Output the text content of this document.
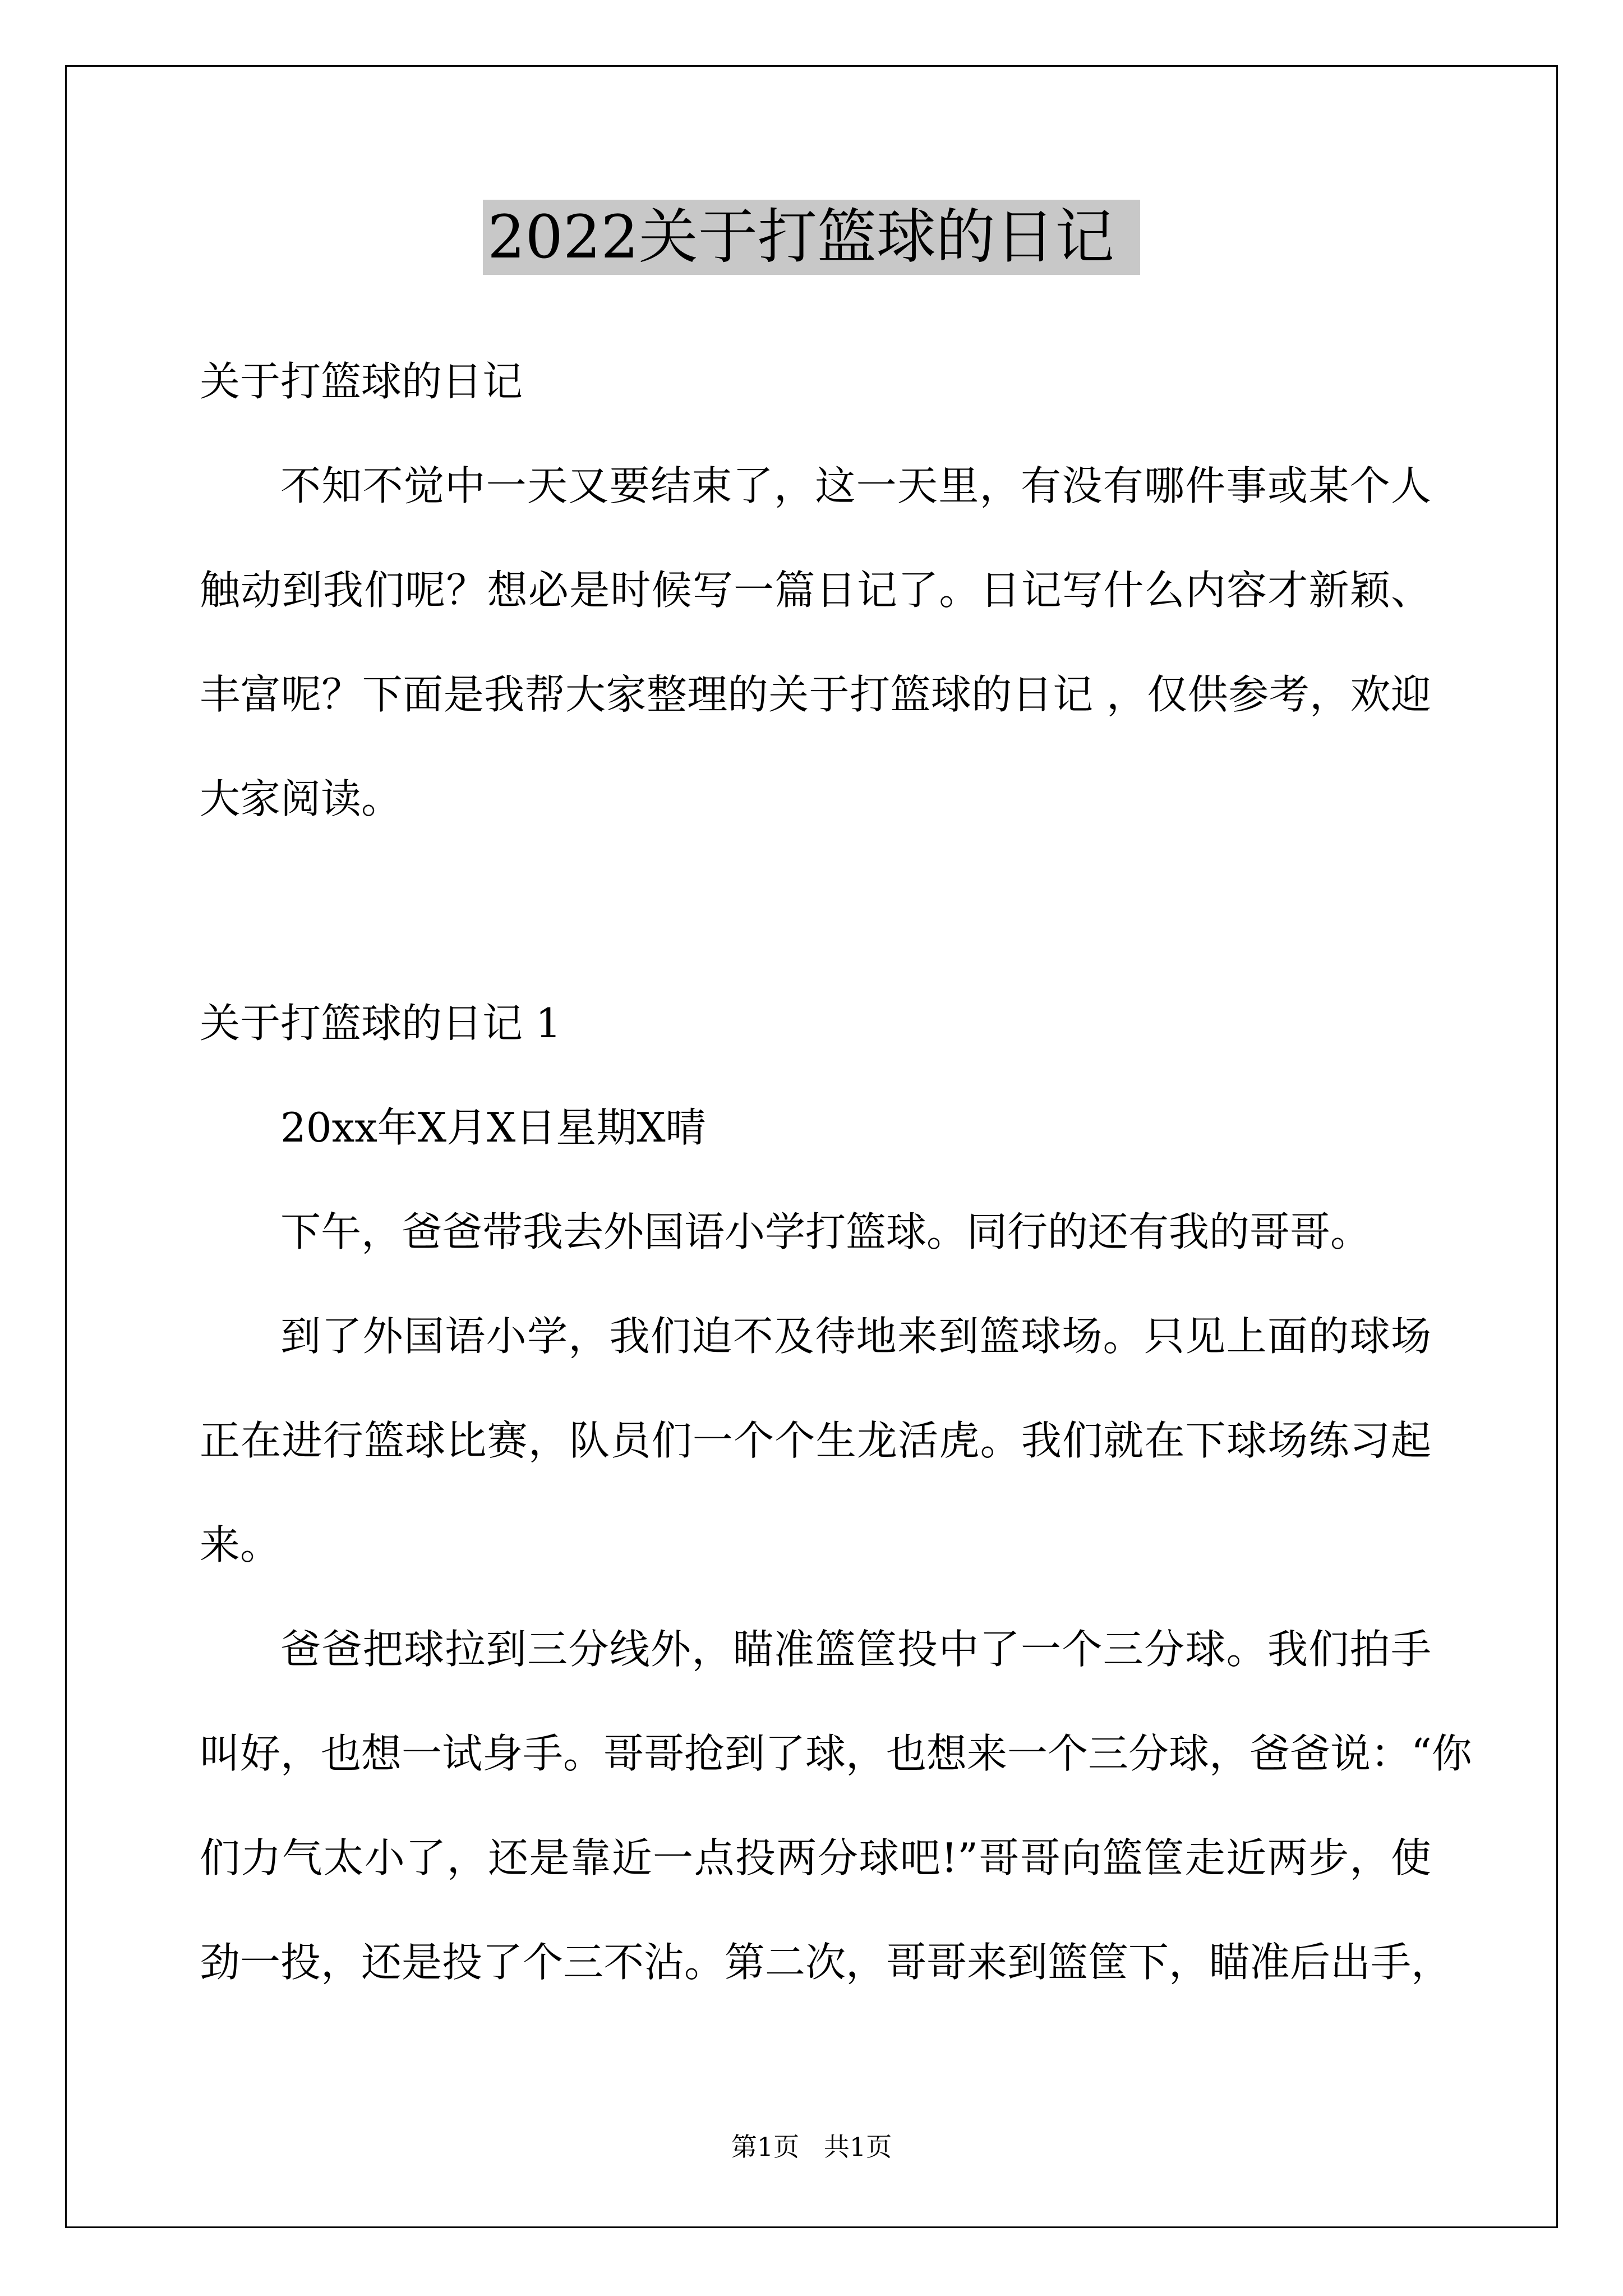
2022关于打篮球的日记
关于打篮球的日记
不知不觉中一天又要结束了，这一天里，有没有哪件事或某个人
触动到我们呢？想必是时候写一篇日记了。日记写什么内容才新颖、
丰富呢？下面是我帮大家整理的关于打篮球的日记 ，仅供参考，欢迎
大家阅读。
关于打篮球的日记 1
20xx年X月X日星期X晴
下午，爸爸带我去外国语小学打篮球。同行的还有我的哥哥。
到了外国语小学，我们迫不及待地来到篮球场。只见上面的球场
正在进行篮球比赛，队员们一个个生龙活虎。我们就在下球场练习起
来。
爸爸把球拉到三分线外，瞄准篮筐投中了一个三分球。我们拍手
叫好，也想一试身手。哥哥抢到了球，也想来一个三分球，爸爸说：“你
们力气太小了，还是靠近一点投两分球吧!”哥哥向篮筐走近两步，使
劲一投，还是投了个三不沾。第二次，哥哥来到篮筐下，瞄准后出手，
第1页   共1页
